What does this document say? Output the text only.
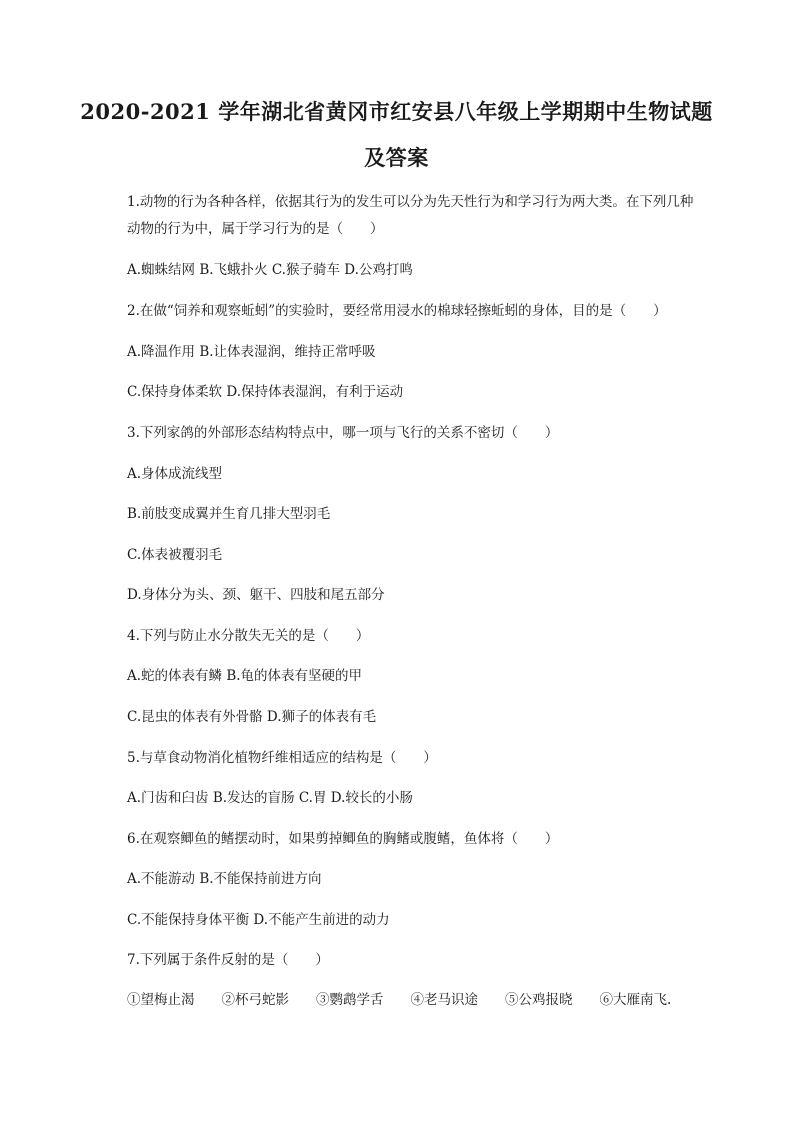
2020-2021 学年湖北省黄冈市红安县八年级上学期期中生物试题
及答案

1.动物的行为各种各样，依据其行为的发生可以分为先天性行为和学习行为两大类。在下列几种

动物的行为中，属于学习行为的是（　　）

A.蜘蛛结网 B.飞蛾扑火 C.猴子骑车 D.公鸡打鸣

2.在做“饲养和观察蚯蚓”的实验时，要经常用浸水的棉球轻擦蚯蚓的身体，目的是（　　）

A.降温作用 B.让体表湿润，维持正常呼吸

C.保持身体柔软 D.保持体表湿润，有利于运动

3.下列家鸽的外部形态结构特点中，哪一项与飞行的关系不密切（　　）

A.身体成流线型

B.前肢变成翼并生育几排大型羽毛

C.体表被覆羽毛

D.身体分为头、颈、躯干、四肢和尾五部分

4.下列与防止水分散失无关的是（　　）

A.蛇的体表有鳞 B.龟的体表有坚硬的甲

C.昆虫的体表有外骨骼 D.狮子的体表有毛

5.与草食动物消化植物纤维相适应的结构是（　　）

A.门齿和臼齿 B.发达的盲肠 C.胃 D.较长的小肠

6.在观察鲫鱼的鳍摆动时，如果剪掉鲫鱼的胸鳍或腹鳍，鱼体将（　　）

A.不能游动 B.不能保持前进方向

C.不能保持身体平衡 D.不能产生前进的动力

7.下列属于条件反射的是（　　）

①望梅止渴　　②杯弓蛇影　　③鹦鹉学舌　　④老马识途　　⑤公鸡报晓　　⑥大雁南飞.
